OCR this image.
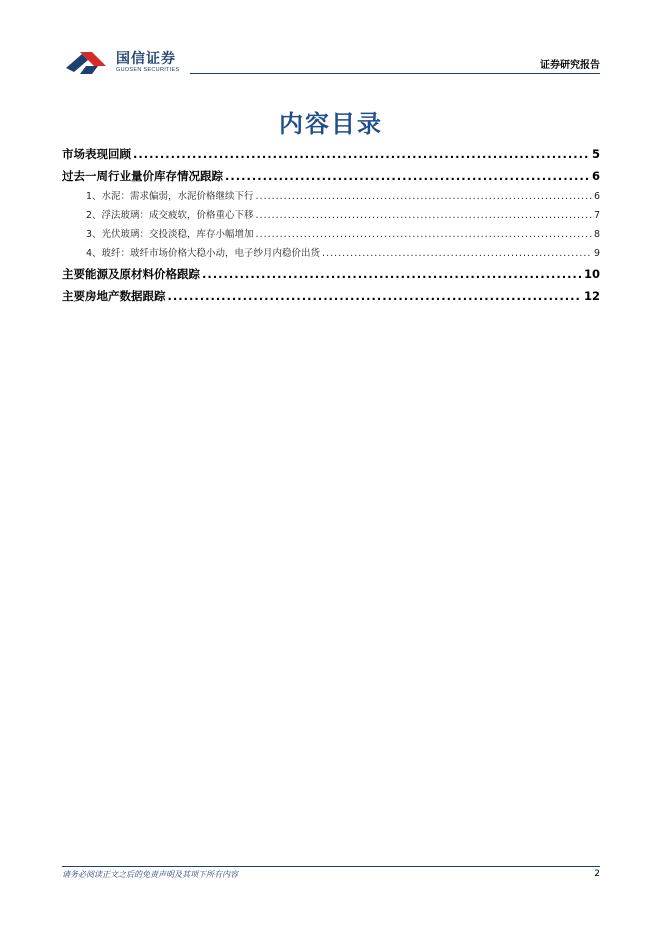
国信证券
GUOSEN SECURITIES	证券研究报告
内容目录
市场表现回顾 .....	5
过去一周行业量价库存情况跟踪 .....	6
1、水泥：需求偏弱，水泥价格继续下行 .....	6
2、浮法玻璃：成交疲软，价格重心下移 .....	7
3、光伏玻璃：交投淡稳，库存小幅增加 .....	8
4、玻纤：玻纤市场价格大稳小动，电子纱月内稳价出货 .....	9
主要能源及原材料价格跟踪 .....	10
主要房地产数据跟踪 .....	12
请务必阅读正文之后的免责声明及其项下所有内容	2
